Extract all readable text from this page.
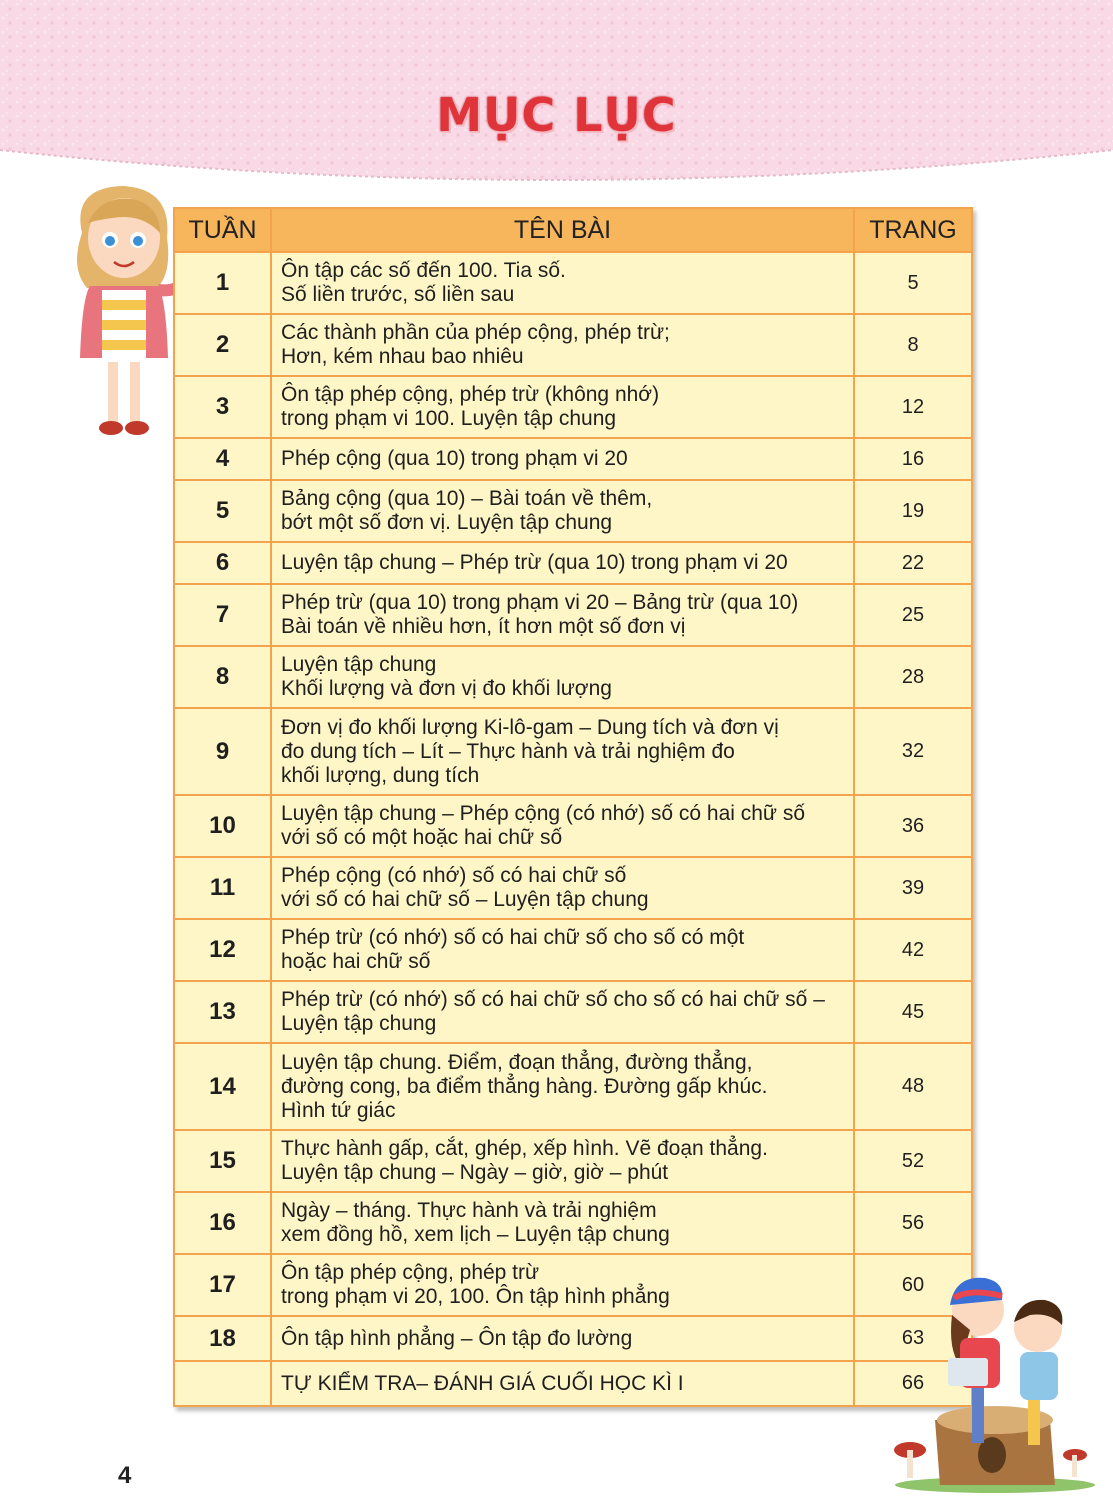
MỤC LỤC
TUẦN	TÊN BÀI	TRANG
1	Ôn tập các số đến 100. Tia số.
Số liền trước, số liền sau	5
2	Các thành phần của phép cộng, phép trừ;
Hơn, kém nhau bao nhiêu	8
3	Ôn tập phép cộng, phép trừ (không nhớ)
trong phạm vi 100. Luyện tập chung	12
4	Phép cộng (qua 10) trong phạm vi 20	16
5	Bảng cộng (qua 10) – Bài toán về thêm,
bớt một số đơn vị. Luyện tập chung	19
6	Luyện tập chung – Phép trừ (qua 10) trong phạm vi 20	22
7	Phép trừ (qua 10) trong phạm vi 20 – Bảng trừ (qua 10)
Bài toán về nhiều hơn, ít hơn một số đơn vị	25
8	Luyện tập chung
Khối lượng và đơn vị đo khối lượng	28
9	Đơn vị đo khối lượng Ki-lô-gam – Dung tích và đơn vị
đo dung tích – Lít – Thực hành và trải nghiệm đo
khối lượng, dung tích	32
10	Luyện tập chung – Phép cộng (có nhớ) số có hai chữ số
với số có một hoặc hai chữ số	36
11	Phép cộng (có nhớ) số có hai chữ số
với số có hai chữ số – Luyện tập chung	39
12	Phép trừ (có nhớ) số có hai chữ số cho số có một
hoặc hai chữ số	42
13	Phép trừ (có nhớ) số có hai chữ số cho số có hai chữ số –
Luyện tập chung	45
14	Luyện tập chung. Điểm, đoạn thẳng, đường thẳng,
đường cong, ba điểm thẳng hàng. Đường gấp khúc.
Hình tứ giác	48
15	Thực hành gấp, cắt, ghép, xếp hình. Vẽ đoạn thẳng.
Luyện tập chung – Ngày – giờ, giờ – phút	52
16	Ngày – tháng. Thực hành và trải nghiệm
xem đồng hồ, xem lịch – Luyện tập chung	56
17	Ôn tập phép cộng, phép trừ
trong phạm vi 20, 100. Ôn tập hình phẳng	60
18	Ôn tập hình phẳng – Ôn tập đo lường	63

	TỰ KIỂM TRA– ĐÁNH GIÁ CUỐI HỌC KÌ I	66
4
